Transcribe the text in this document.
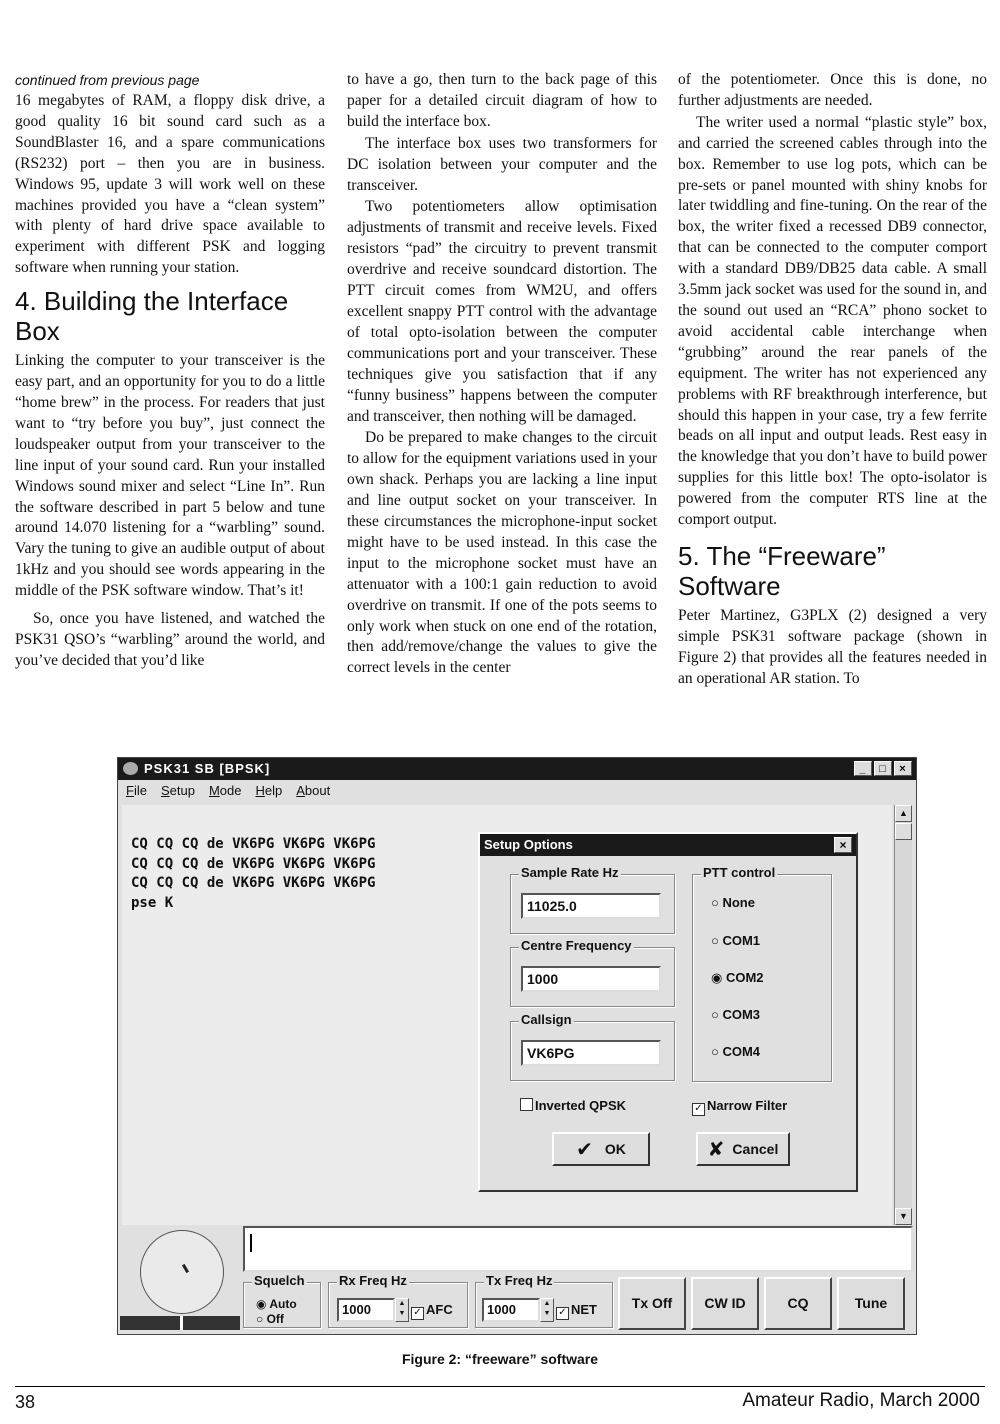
continued from previous page

16 megabytes of RAM, a floppy disk drive, a good quality 16 bit sound card such as a SoundBlaster 16, and a spare communications (RS232) port – then you are in business. Windows 95, update 3 will work well on these machines provided you have a “clean system” with plenty of hard drive space available to experiment with different PSK and logging software when running your station.

4. Building the Interface Box

Linking the computer to your transceiver is the easy part, and an opportunity for you to do a little “home brew” in the process. For readers that just want to “try before you buy”, just connect the loudspeaker output from your transceiver to the line input of your sound card. Run your installed Windows sound mixer and select “Line In”. Run the software described in part 5 below and tune around 14.070 listening for a “warbling” sound. Vary the tuning to give an audible output of about 1kHz and you should see words appearing in the middle of the PSK software window. That’s it!

So, once you have listened, and watched the PSK31 QSO’s “warbling” around the world, and you’ve decided that you’d like

to have a go, then turn to the back page of this paper for a detailed circuit diagram of how to build the interface box.

The interface box uses two transformers for DC isolation between your computer and the transceiver.

Two potentiometers allow optimisation adjustments of transmit and receive levels. Fixed resistors “pad” the circuitry to prevent transmit overdrive and receive soundcard distortion. The PTT circuit comes from WM2U, and offers excellent snappy PTT control with the advantage of total opto-isolation between the computer communications port and your transceiver. These techniques give you satisfaction that if any “funny business” happens between the computer and transceiver, then nothing will be damaged.

Do be prepared to make changes to the circuit to allow for the equipment variations used in your own shack. Perhaps you are lacking a line input and line output socket on your transceiver. In these circumstances the microphone-input socket might have to be used instead. In this case the input to the microphone socket must have an attenuator with a 100:1 gain reduction to avoid overdrive on transmit. If one of the pots seems to only work when stuck on one end of the rotation, then add/remove/change the values to give the correct levels in the center

of the potentiometer. Once this is done, no further adjustments are needed.

The writer used a normal “plastic style” box, and carried the screened cables through into the box. Remember to use log pots, which can be pre-sets or panel mounted with shiny knobs for later twiddling and fine-tuning. On the rear of the box, the writer fixed a recessed DB9 connector, that can be connected to the computer comport with a standard DB9/DB25 data cable. A small 3.5mm jack socket was used for the sound in, and the sound out used an “RCA” phono socket to avoid accidental cable interchange when “grubbing” around the rear panels of the equipment. The writer has not experienced any problems with RF breakthrough interference, but should this happen in your case, try a few ferrite beads on all input and output leads. Rest easy in the knowledge that you don’t have to build power supplies for this little box! The opto-isolator is powered from the computer RTS line at the comport output.

5. The “Freeware” Software

Peter Martinez, G3PLX (2) designed a very simple PSK31 software package (shown in Figure 2) that provides all the features needed in an operational AR station. To

PSK31 SB [BPSK]	_	□	×
File Setup Mode Help About
CQ CQ CQ de VK6PG VK6PG VK6PG
CQ CQ CQ de VK6PG VK6PG VK6PG
CQ CQ CQ de VK6PG VK6PG VK6PG
pse K
▲
▼
Setup Options	×
Sample Rate Hz
11025.0
Centre Frequency
1000
Callsign
VK6PG
PTT control
○ None
○ COM1
◉ COM2
○ COM3
○ COM4
Inverted QPSK	✓ Narrow Filter
✔ OK	✘ Cancel
Squelch
◉ Auto
○ Off
Rx Freq Hz
1000	▲
▼ ✓ AFC
Tx Freq Hz
1000	▲
▼ ✓ NET	Tx Off	CW ID	CQ	Tune
Figure 2: “freeware” software
38	Amateur Radio, March 2000
